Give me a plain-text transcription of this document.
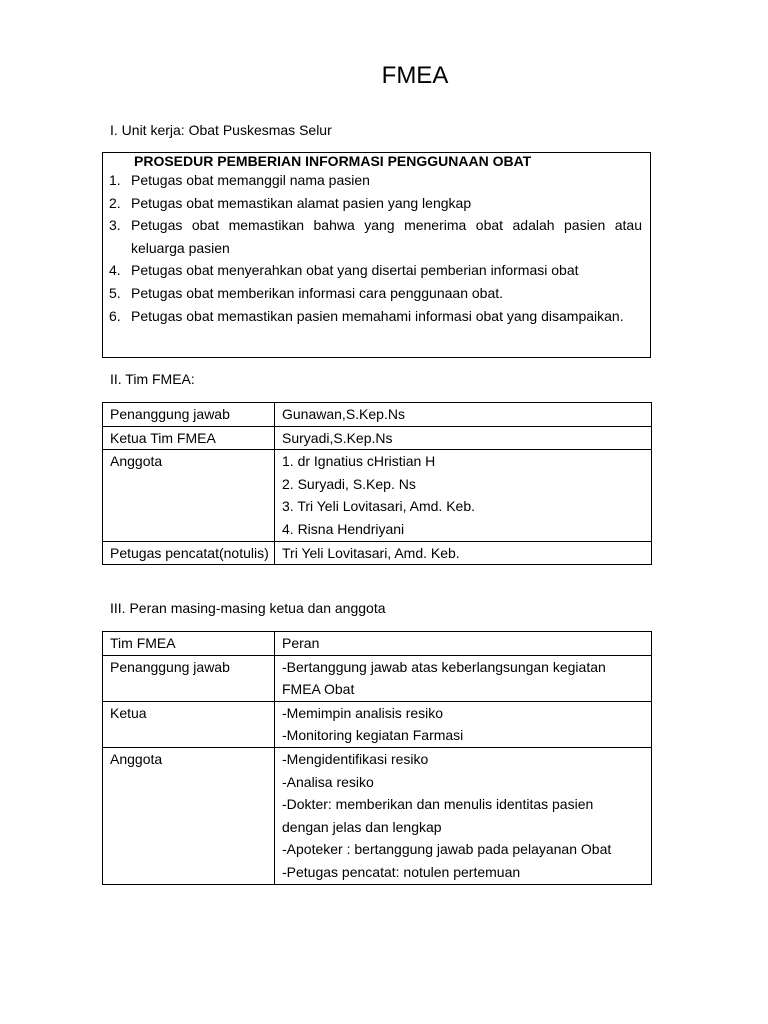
FMEA
I. Unit kerja: Obat Puskesmas Selur
PROSEDUR PEMBERIAN INFORMASI PENGGUNAAN OBAT
1. Petugas obat memanggil nama pasien
2. Petugas obat memastikan alamat pasien yang lengkap
3. Petugas obat memastikan bahwa yang menerima obat adalah pasien atau keluarga pasien
4. Petugas obat menyerahkan obat yang disertai pemberian informasi obat
5. Petugas obat memberikan informasi cara penggunaan obat.
6. Petugas obat memastikan pasien memahami informasi obat yang disampaikan.
II. Tim FMEA:
Penanggung jawab	Gunawan,S.Kep.Ns

Ketua Tim FMEA	Suryadi,S.Kep.Ns

Anggota	1. dr Ignatius cHristian H
2. Suryadi, S.Kep. Ns
3. Tri Yeli Lovitasari, Amd. Keb.
4. Risna Hendriyani

Petugas pencatat(notulis)	Tri Yeli Lovitasari, Amd. Keb.
III. Peran masing-masing ketua dan anggota
Tim FMEA	Peran
Penanggung jawab	-Bertanggung jawab atas keberlangsungan kegiatan FMEA Obat

Ketua	-Memimpin analisis resiko
-Monitoring kegiatan Farmasi

Anggota	-Mengidentifikasi resiko
-Analisa resiko
-Dokter: memberikan dan menulis identitas pasien dengan jelas dan lengkap
-Apoteker : bertanggung jawab pada pelayanan Obat
-Petugas pencatat: notulen pertemuan
